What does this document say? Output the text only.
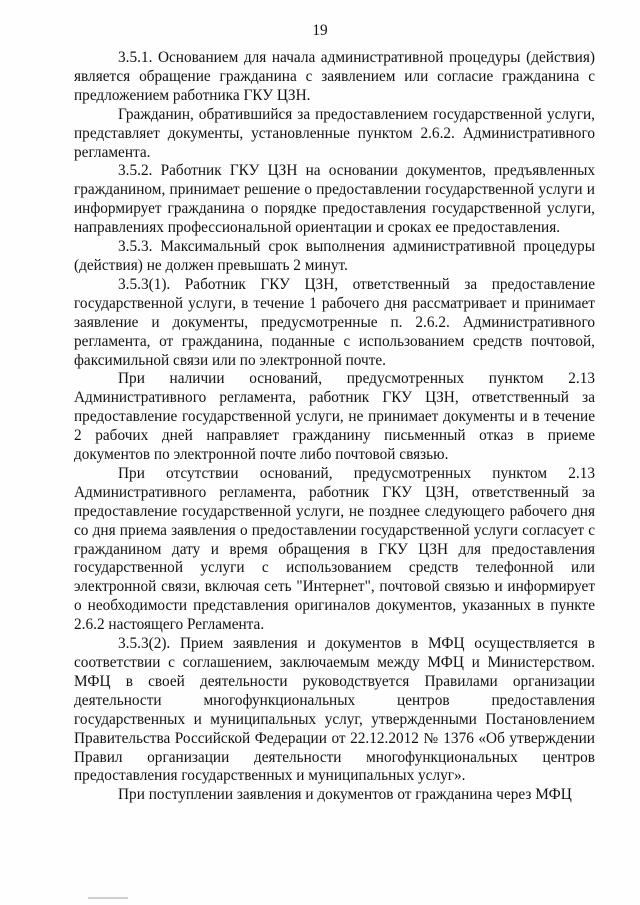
19

3.5.1. Основанием для начала административной процедуры (действия) является обращение гражданина с заявлением или согласие гражданина с предложением работника ГКУ ЦЗН.

Гражданин, обратившийся за предоставлением государственной услуги, представляет документы, установленные пунктом 2.6.2. Административного регламента.

3.5.2. Работник ГКУ ЦЗН на основании документов, предъявленных гражданином, принимает решение о предоставлении государственной услуги и информирует гражданина о порядке предоставления государственной услуги, направлениях профессиональной ориентации и сроках ее предоставления.

3.5.3. Максимальный срок выполнения административной процедуры (действия) не должен превышать 2 минут.

3.5.3(1). Работник ГКУ ЦЗН, ответственный за предоставление государственной услуги, в течение 1 рабочего дня рассматривает и принимает заявление и документы, предусмотренные п. 2.6.2. Административного регламента, от гражданина, поданные с использованием средств почтовой, факсимильной связи или по электронной почте.

При наличии оснований, предусмотренных пунктом 2.13 Административного регламента, работник ГКУ ЦЗН, ответственный за предоставление государственной услуги, не принимает документы и в течение 2 рабочих дней направляет гражданину письменный отказ в приеме документов по электронной почте либо почтовой связью.

При отсутствии оснований, предусмотренных пунктом 2.13 Административного регламента, работник ГКУ ЦЗН, ответственный за предоставление государственной услуги, не позднее следующего рабочего дня со дня приема заявления о предоставлении государственной услуги согласует с гражданином дату и время обращения в ГКУ ЦЗН для предоставления государственной услуги с использованием средств телефонной или электронной связи, включая сеть "Интернет", почтовой связью и информирует о необходимости представления оригиналов документов, указанных в пункте 2.6.2 настоящего Регламента.

3.5.3(2). Прием заявления и документов в МФЦ осуществляется в соответствии с соглашением, заключаемым между МФЦ и Министерством. МФЦ в своей деятельности руководствуется Правилами организации деятельности многофункциональных центров предоставления государственных и муниципальных услуг, утвержденными Постановлением Правительства Российской Федерации от 22.12.2012 № 1376 «Об утверждении Правил организации деятельности многофункциональных центров предоставления государственных и муниципальных услуг».

При поступлении заявления и документов от гражданина через МФЦ
